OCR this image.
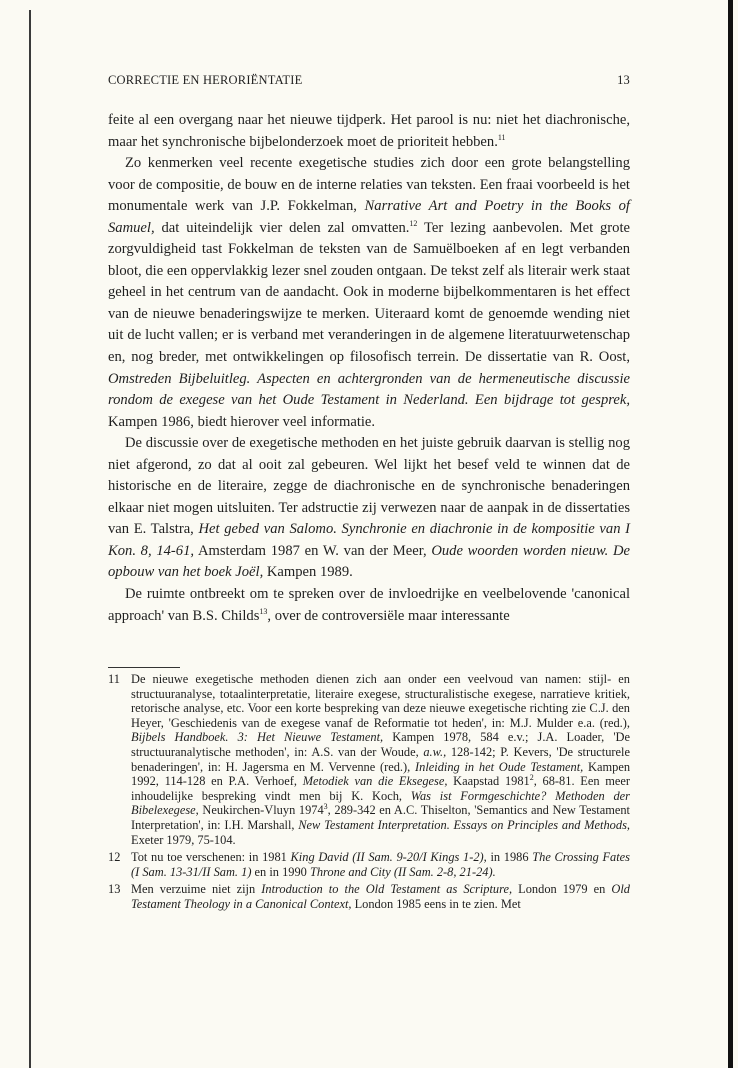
CORRECTIE EN HERORIËNTATIE	13

feite al een overgang naar het nieuwe tijdperk. Het parool is nu: niet het diachronische, maar het synchronische bijbelonderzoek moet de prioriteit hebben.$^{11}$

Zo kenmerken veel recente exegetische studies zich door een grote belangstelling voor de compositie, de bouw en de interne relaties van teksten. Een fraai voorbeeld is het monumentale werk van J.P. Fokkelman, Narrative Art and Poetry in the Books of Samuel, dat uiteindelijk vier delen zal omvatten.$^{12}$ Ter lezing aanbevolen. Met grote zorgvuldigheid tast Fokkelman de teksten van de Samuëlboeken af en legt verbanden bloot, die een oppervlakkig lezer snel zouden ontgaan. De tekst zelf als literair werk staat geheel in het centrum van de aandacht. Ook in moderne bijbelkommentaren is het effect van de nieuwe benaderingswijze te merken. Uiteraard komt de genoemde wending niet uit de lucht vallen; er is verband met veranderingen in de algemene literatuurwetenschap en, nog breder, met ontwikkelingen op filosofisch terrein. De dissertatie van R. Oost, Omstreden Bijbeluitleg. Aspecten en achtergronden van de hermeneutische discussie rondom de exegese van het Oude Testament in Nederland. Een bijdrage tot gesprek, Kampen 1986, biedt hierover veel informatie.

De discussie over de exegetische methoden en het juiste gebruik daarvan is stellig nog niet afgerond, zo dat al ooit zal gebeuren. Wel lijkt het besef veld te winnen dat de historische en de literaire, zegge de diachronische en de synchronische benaderingen elkaar niet mogen uitsluiten. Ter adstructie zij verwezen naar de aanpak in de dissertaties van E. Talstra, Het gebed van Salomo. Synchronie en diachronie in de kompositie van I Kon. 8, 14-61, Amsterdam 1987 en W. van der Meer, Oude woorden worden nieuw. De opbouw van het boek Joël, Kampen 1989.

De ruimte ontbreekt om te spreken over de invloedrijke en veelbelovende 'canonical approach' van B.S. Childs$^{13}$, over de controversiële maar interessante

11 De nieuwe exegetische methoden dienen zich aan onder een veelvoud van namen: stijl- en structuuranalyse, totaalinterpretatie, literaire exegese, structuralistische exegese, narratieve kritiek, retorische analyse, etc. Voor een korte bespreking van deze nieuwe exegetische richting zie C.J. den Heyer, 'Geschiedenis van de exegese vanaf de Reformatie tot heden', in: M.J. Mulder e.a. (red.), Bijbels Handboek. 3: Het Nieuwe Testament, Kampen 1978, 584 e.v.; J.A. Loader, 'De structuuranalytische methoden', in: A.S. van der Woude, a.w., 128-142; P. Kevers, 'De structurele benaderingen', in: H. Jagersma en M. Vervenne (red.), Inleiding in het Oude Testament, Kampen 1992, 114-128 en P.A. Verhoef, Metodiek van die Eksegese, Kaapstad 1981$^2$, 68-81. Een meer inhoudelijke bespreking vindt men bij K. Koch, Was ist Formgeschichte? Methoden der Bibelexegese, Neukirchen-Vluyn 1974$^3$, 289-342 en A.C. Thiselton, 'Semantics and New Testament Interpretation', in: I.H. Marshall, New Testament Interpretation. Essays on Principles and Methods, Exeter 1979, 75-104.
12 Tot nu toe verschenen: in 1981 King David (II Sam. 9-20/I Kings 1-2), in 1986 The Crossing Fates (I Sam. 13-31/II Sam. 1) en in 1990 Throne and City (II Sam. 2-8, 21-24).
13 Men verzuime niet zijn Introduction to the Old Testament as Scripture, London 1979 en Old Testament Theology in a Canonical Context, London 1985 eens in te zien. Met
